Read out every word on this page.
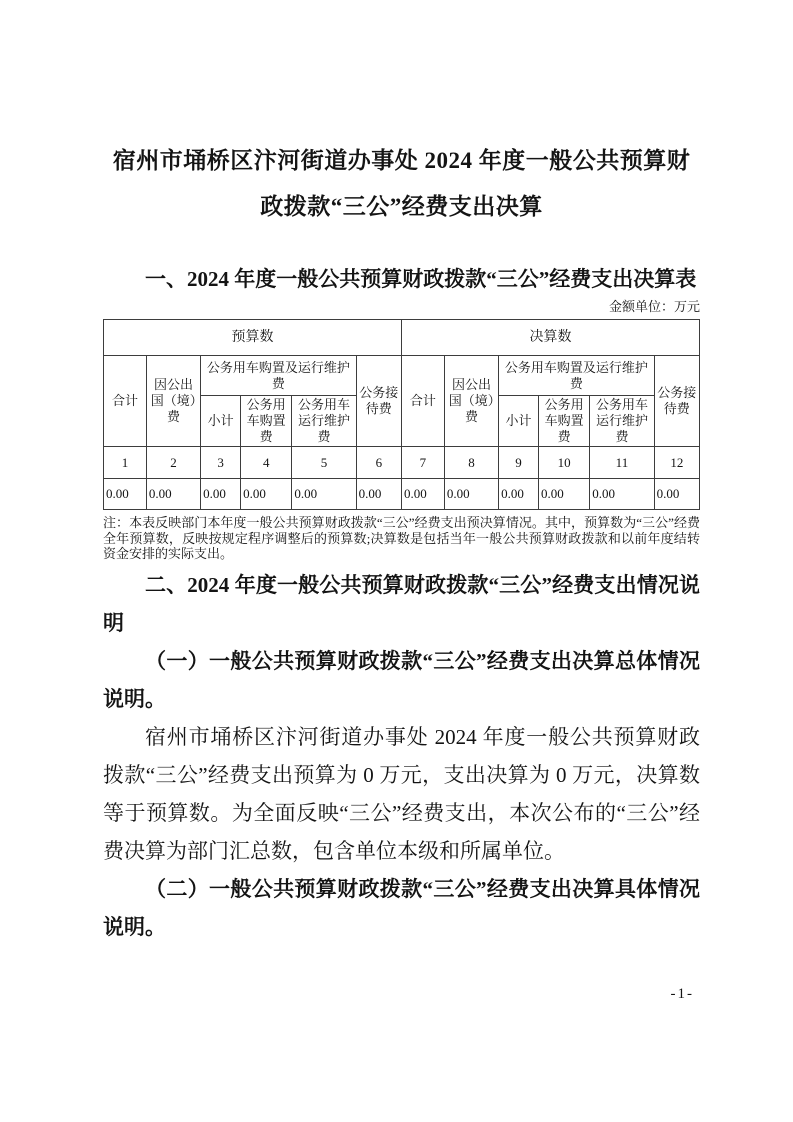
宿州市埇桥区汴河街道办事处 2024 年度一般公共预算财政拨款“三公”经费支出决算

一、2024 年度一般公共预算财政拨款“三公”经费支出决算表

金额单位：万元
预算数						决算数					
合计	因公出国（境）费	公务用车购置及运行维护费			公务接待费	合计	因公出国（境）费	公务用车购置及运行维护费			公务接待费
		小计	公务用车购置费	公务用车运行维护费				小计	公务用车购置费	公务用车运行维护费	
1	2	3	4	5	6	7	8	9	10	11	12
0.00	0.00	0.00	0.00	0.00	0.00	0.00	0.00	0.00	0.00	0.00	0.00

注：本表反映部门本年度一般公共预算财政拨款“三公”经费支出预决算情况。其中，预算数为“三公”经费全年预算数，反映按规定程序调整后的预算数;决算数是包括当年一般公共预算财政拨款和以前年度结转资金安排的实际支出。

二、2024 年度一般公共预算财政拨款“三公”经费支出情况说明

（一）一般公共预算财政拨款“三公”经费支出决算总体情况说明。

宿州市埇桥区汴河街道办事处 2024 年度一般公共预算财政拨款“三公”经费支出预算为 0 万元，支出决算为 0 万元，决算数等于预算数。为全面反映“三公”经费支出，本次公布的“三公”经费决算为部门汇总数，包含单位本级和所属单位。

（二）一般公共预算财政拨款“三公”经费支出决算具体情况说明。

-1-
